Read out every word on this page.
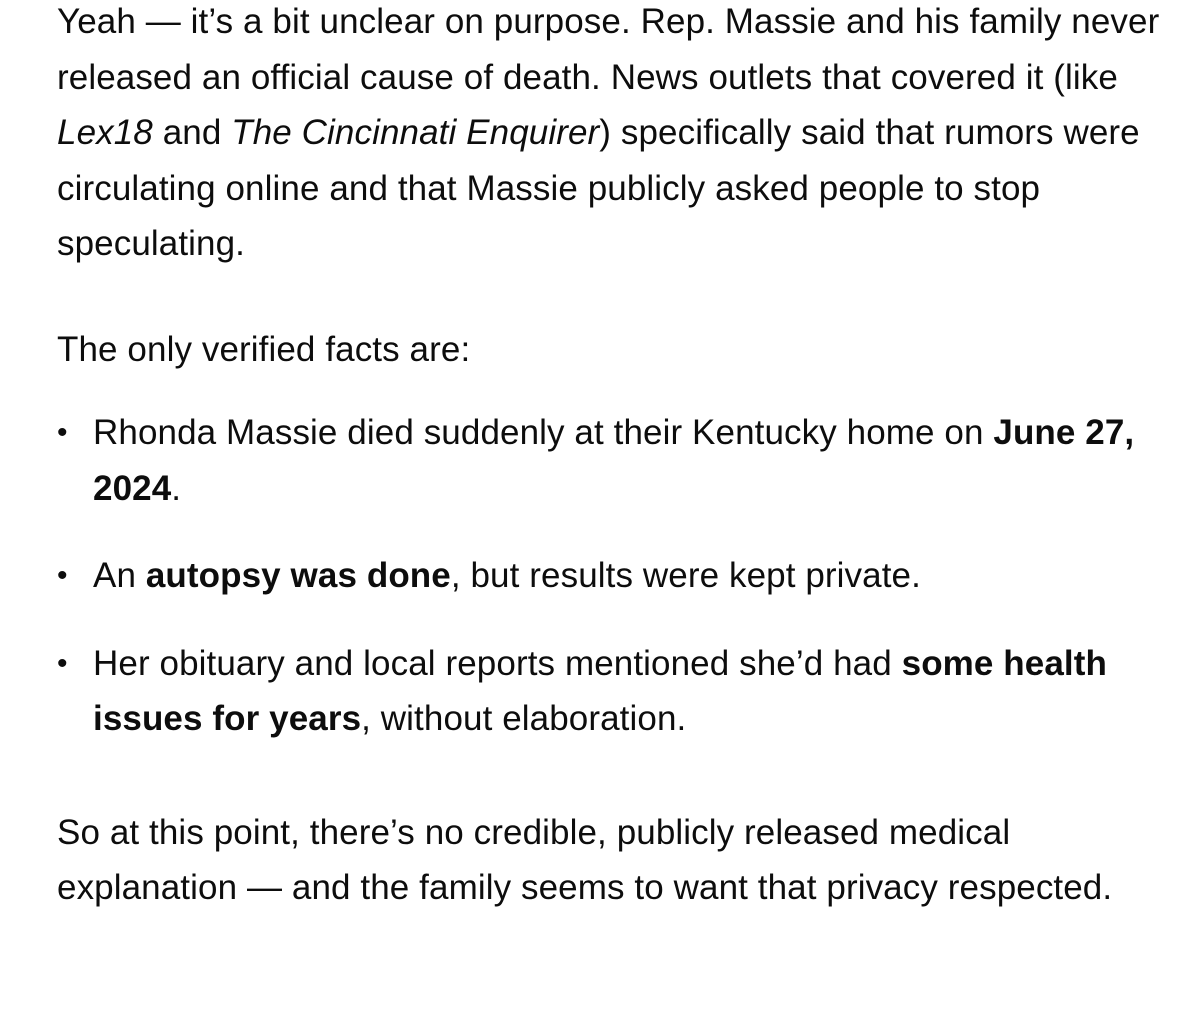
Yeah — it’s a bit unclear on purpose. Rep. Massie and his family never released an official cause of death. News outlets that covered it (like Lex18 and The Cincinnati Enquirer) specifically said that rumors were circulating online and that Massie publicly asked people to stop speculating.

The only verified facts are:

• Rhonda Massie died suddenly at their Kentucky home on June 27, 2024.
• An autopsy was done, but results were kept private.
• Her obituary and local reports mentioned she’d had some health issues for years, without elaboration.

So at this point, there’s no credible, publicly released medical explanation — and the family seems to want that privacy respected.
